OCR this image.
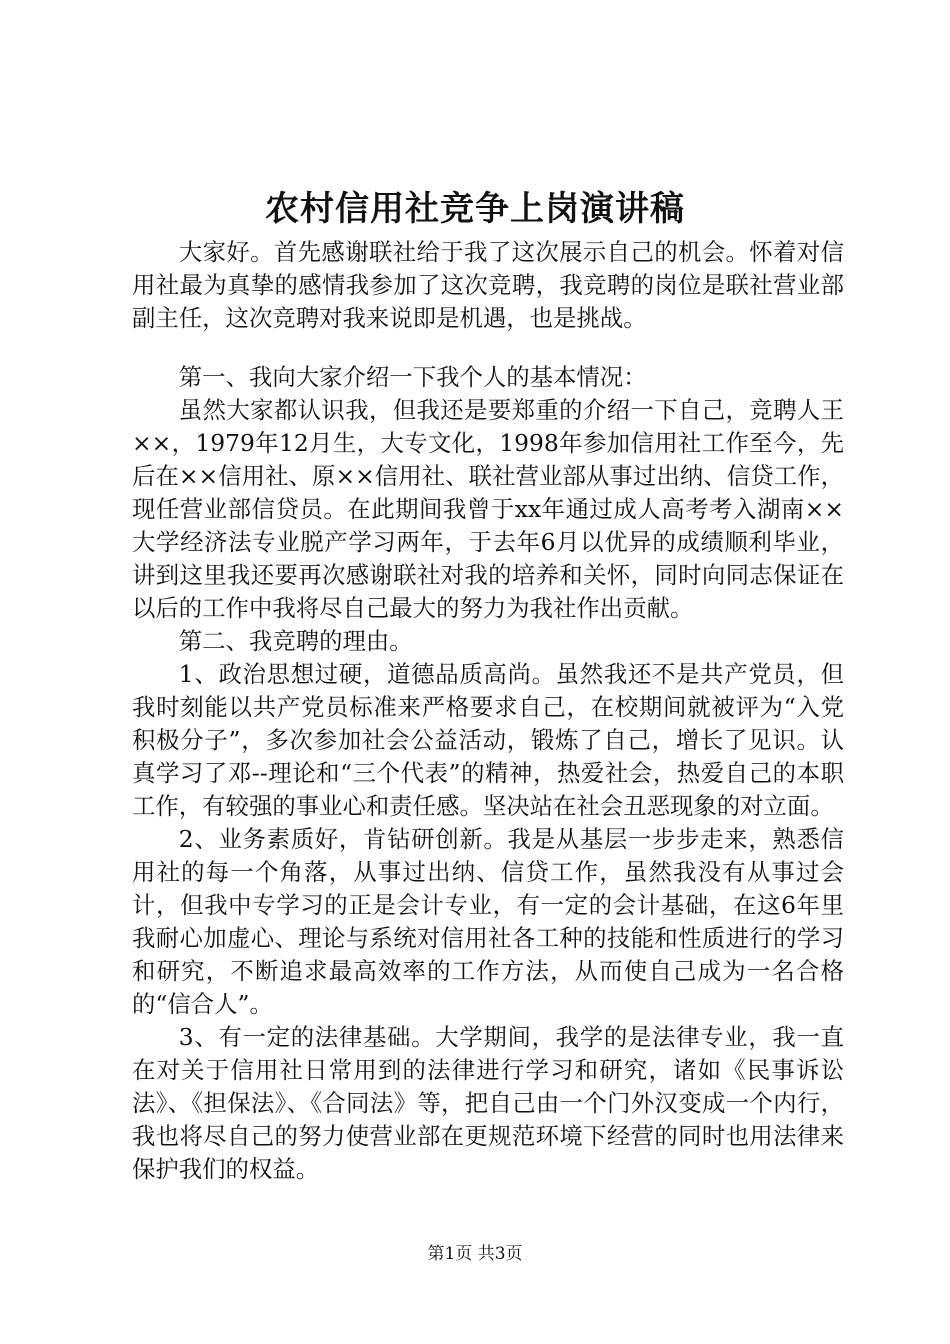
农村信用社竞争上岗演讲稿

大家好。首先感谢联社给于我了这次展示自己的机会。怀着对信用社最为真挚的感情我参加了这次竞聘，我竞聘的岗位是联社营业部副主任，这次竞聘对我来说即是机遇，也是挑战。

第一、我向大家介绍一下我个人的基本情况：

虽然大家都认识我，但我还是要郑重的介绍一下自己，竞聘人王××，1979年12月生，大专文化，1998年参加信用社工作至今，先后在××信用社、原××信用社、联社营业部从事过出纳、信贷工作，现任营业部信贷员。在此期间我曾于xx年通过成人高考考入湖南××大学经济法专业脱产学习两年，于去年6月以优异的成绩顺利毕业，讲到这里我还要再次感谢联社对我的培养和关怀，同时向同志保证在以后的工作中我将尽自己最大的努力为我社作出贡献。

第二、我竞聘的理由。

1、政治思想过硬，道德品质高尚。虽然我还不是共产党员，但我时刻能以共产党员标准来严格要求自己，在校期间就被评为“入党积极分子”，多次参加社会公益活动，锻炼了自己，增长了见识。认真学习了邓--理论和“三个代表”的精神，热爱社会，热爱自己的本职工作，有较强的事业心和责任感。坚决站在社会丑恶现象的对立面。

2、业务素质好，肯钻研创新。我是从基层一步步走来，熟悉信用社的每一个角落，从事过出纳、信贷工作，虽然我没有从事过会计，但我中专学习的正是会计专业，有一定的会计基础，在这6年里我耐心加虚心、理论与系统对信用社各工种的技能和性质进行的学习和研究，不断追求最高效率的工作方法，从而使自己成为一名合格的“信合人”。

3、有一定的法律基础。大学期间，我学的是法律专业，我一直在对关于信用社日常用到的法律进行学习和研究，诸如《民事诉讼法》、《担保法》、《合同法》等，把自己由一个门外汉变成一个内行，我也将尽自己的努力使营业部在更规范环境下经营的同时也用法律来保护我们的权益。

第1页 共3页
